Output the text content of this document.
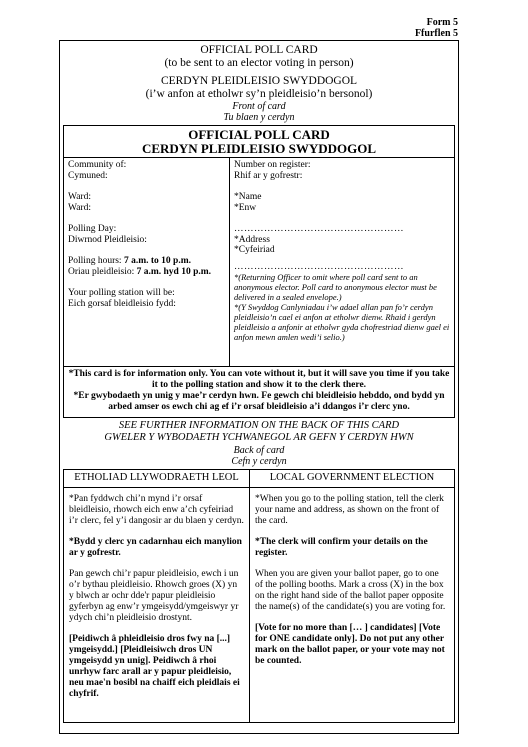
Form 5
Ffurflen 5
OFFICIAL POLL CARD
(to be sent to an elector voting in person)
CERDYN PLEIDLEISIO SWYDDOGOL
(i’w anfon at etholwr sy’n pleidleisio’n bersonol)
Front of card
Tu blaen y cerdyn
OFFICIAL POLL CARD
CERDYN PLEIDLEISIO SWYDDOGOL
Community of:
Cymuned:
Ward:
Ward:
Polling Day:
Diwrnod Pleidleisio:
Polling hours: 7 a.m. to 10 p.m.
Oriau pleidleisio: 7 a.m. hyd 10 p.m.
Your polling station will be:
Eich gorsaf bleidleisio fydd:
Number on register:
Rhif ar y gofrestr:
*Name
*Enw
……………………………………………
*Address
*Cyfeiriad
……………………………………………
*(Returning Officer to omit where poll card sent to an anonymous elector. Poll card to anonymous elector must be delivered in a sealed envelope.)
*(Y Swyddog Canlyniadau i’w adael allan pan fo’r cerdyn pleidleisio’n cael ei anfon at etholwr dienw. Rhaid i gerdyn pleidleisio a anfonir at etholwr gyda chofrestriad dienw gael ei anfon mewn amlen wedi’i selio.)
*This card is for information only. You can vote without it, but it will save you time if you take it to the polling station and show it to the clerk there.
*Er gwybodaeth yn unig y mae’r cerdyn hwn. Fe gewch chi bleidleisio hebddo, ond bydd yn arbed amser os ewch chi ag ef i’r orsaf bleidleisio a’i ddangos i’r clerc yno.
SEE FURTHER INFORMATION ON THE BACK OF THIS CARD
GWELER Y WYBODAETH YCHWANEGOL AR GEFN Y CERDYN HWN
Back of card
Cefn y cerdyn
ETHOLIAD LLYWODRAETH LEOL

*Pan fyddwch chi’n mynd i’r orsaf bleidleisio, rhowch eich enw a’ch cyfeiriad i’r clerc, fel y’i dangosir ar du blaen y cerdyn.

*Bydd y clerc yn cadarnhau eich manylion ar y gofrestr.

Pan gewch chi’r papur pleidleisio, ewch i un o’r bythau pleidleisio. Rhowch groes (X) yn y blwch ar ochr dde'r papur pleidleisio gyferbyn ag enw’r ymgeisydd/ymgeiswyr yr ydych chi’n pleidleisio drostynt.

[Peidiwch â phleidleisio dros fwy na [...] ymgeisydd.] [Pleidleisiwch dros UN ymgeisydd yn unig]. Peidiwch â rhoi unrhyw farc arall ar y papur pleidleisio, neu mae'n bosibl na chaiff eich pleidlais ei chyfrif.

LOCAL GOVERNMENT ELECTION

*When you go to the polling station, tell the clerk your name and address, as shown on the front of the card.

*The clerk will confirm your details on the register.

When you are given your ballot paper, go to one of the polling booths. Mark a cross (X) in the box on the right hand side of the ballot paper opposite the name(s) of the candidate(s) you are voting for.

[Vote for no more than [… ] candidates] [Vote for ONE candidate only]. Do not put any other mark on the ballot paper, or your vote may not be counted.
